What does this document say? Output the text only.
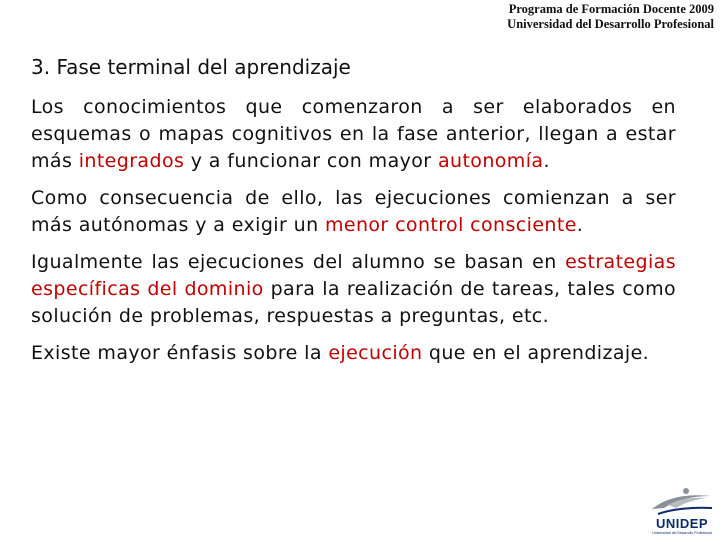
Programa de Formación Docente 2009
Universidad del Desarrollo Profesional
3. Fase terminal del aprendizaje

Los conocimientos que comenzaron a ser elaborados en esquemas o mapas cognitivos en la fase anterior, llegan a estar más integrados y a funcionar con mayor autonomía.

Como consecuencia de ello, las ejecuciones comienzan a ser más autónomas y a exigir un menor control consciente.

Igualmente las ejecuciones del alumno se basan en estrategias específicas del dominio para la realización de tareas, tales como solución de problemas, respuestas a preguntas, etc.

Existe mayor énfasis sobre la ejecución que en el aprendizaje.

UNIDEP
Universidad del Desarrollo Profesional
